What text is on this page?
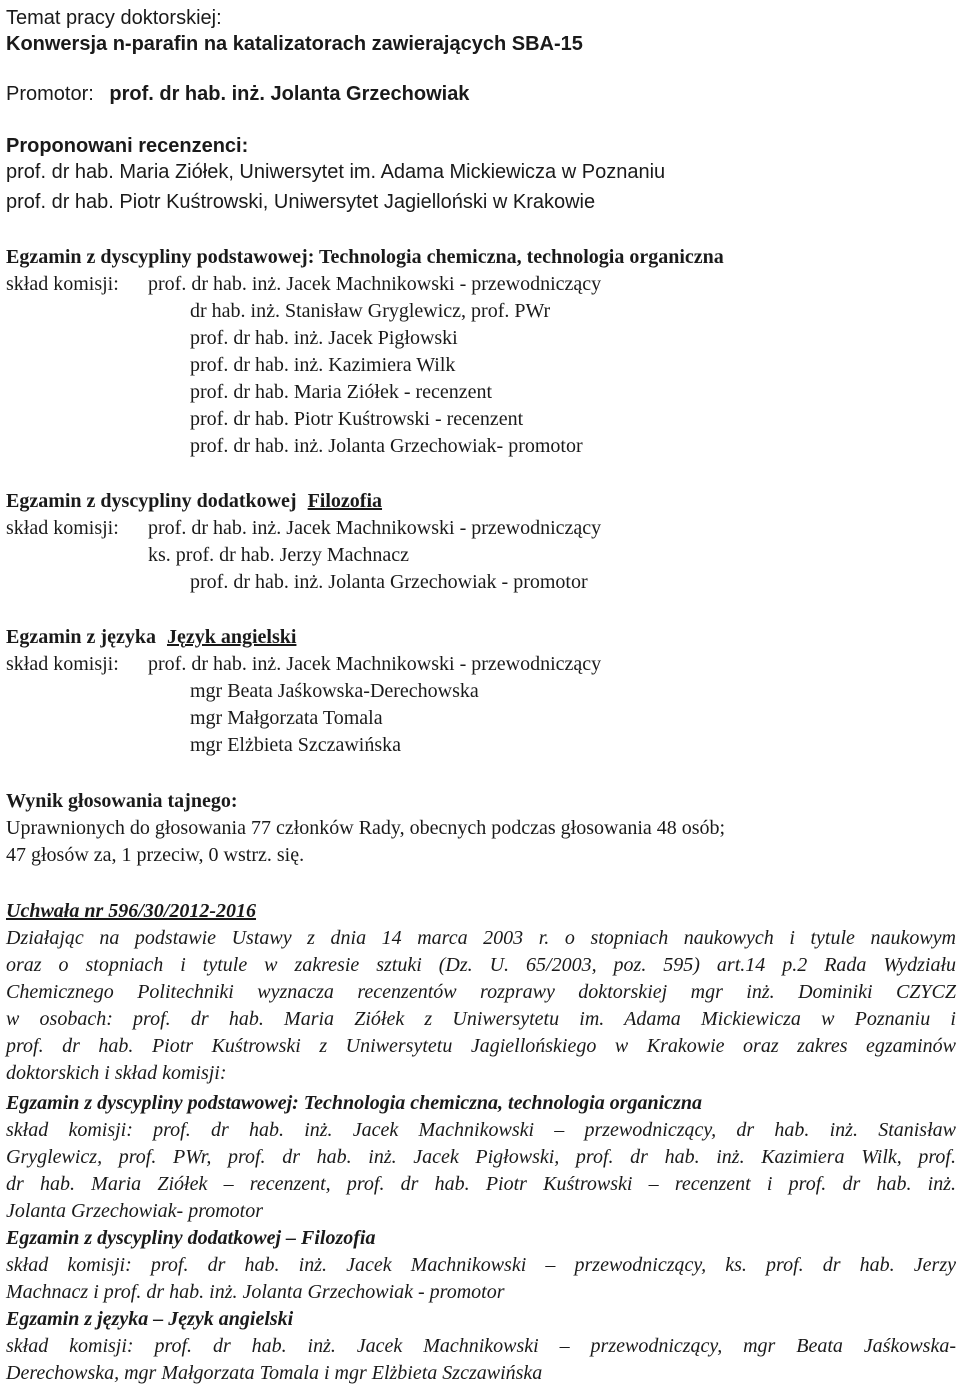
Temat pracy doktorskiej:
Konwersja n-parafin na katalizatorach zawierających SBA-15
Promotor: prof. dr hab. inż. Jolanta Grzechowiak
Proponowani recenzenci:
prof. dr hab. Maria Ziółek, Uniwersytet im. Adama Mickiewicza w Poznaniu
prof. dr hab. Piotr Kuśtrowski, Uniwersytet Jagielloński w Krakowie
Egzamin z dyscypliny podstawowej: Technologia chemiczna, technologia organiczna
skład komisji: prof. dr hab. inż. Jacek Machnikowski - przewodniczący
dr hab. inż. Stanisław Gryglewicz, prof. PWr
prof. dr hab. inż. Jacek Pigłowski
prof. dr hab. inż. Kazimiera Wilk
prof. dr hab. Maria Ziółek - recenzent
prof. dr hab. Piotr Kuśtrowski - recenzent
prof. dr hab. inż. Jolanta Grzechowiak- promotor
Egzamin z dyscypliny dodatkowej Filozofia
skład komisji: prof. dr hab. inż. Jacek Machnikowski - przewodniczący
ks. prof. dr hab. Jerzy Machnacz
prof. dr hab. inż. Jolanta Grzechowiak - promotor
Egzamin z języka Język angielski
skład komisji: prof. dr hab. inż. Jacek Machnikowski - przewodniczący
mgr Beata Jaśkowska-Derechowska
mgr Małgorzata Tomala
mgr Elżbieta Szczawińska
Wynik głosowania tajnego:
Uprawnionych do głosowania 77 członków Rady, obecnych podczas głosowania 48 osób;
47 głosów za, 1 przeciw, 0 wstrz. się.
Uchwała nr 596/30/2012-2016
Działając na podstawie Ustawy z dnia 14 marca 2003 r. o stopniach naukowych i tytule naukowym
oraz o stopniach i tytule w zakresie sztuki (Dz. U. 65/2003, poz. 595) art.14 p.2 Rada Wydziału
Chemicznego Politechniki wyznacza recenzentów rozprawy doktorskiej mgr inż. Dominiki CZYCZ
w osobach: prof. dr hab. Maria Ziółek z Uniwersytetu im. Adama Mickiewicza w Poznaniu i
prof. dr hab. Piotr Kuśtrowski z Uniwersytetu Jagiellońskiego w Krakowie oraz zakres egzaminów
doktorskich i skład komisji:
Egzamin z dyscypliny podstawowej: Technologia chemiczna, technologia organiczna
skład komisji: prof. dr hab. inż. Jacek Machnikowski – przewodniczący, dr hab. inż. Stanisław
Gryglewicz, prof. PWr, prof. dr hab. inż. Jacek Pigłowski, prof. dr hab. inż. Kazimiera Wilk, prof.
dr hab. Maria Ziółek – recenzent, prof. dr hab. Piotr Kuśtrowski – recenzent i prof. dr hab. inż.
Jolanta Grzechowiak- promotor
Egzamin z dyscypliny dodatkowej – Filozofia
skład komisji: prof. dr hab. inż. Jacek Machnikowski – przewodniczący, ks. prof. dr hab. Jerzy
Machnacz i prof. dr hab. inż. Jolanta Grzechowiak - promotor
Egzamin z języka – Język angielski
skład komisji: prof. dr hab. inż. Jacek Machnikowski – przewodniczący, mgr Beata Jaśkowska-
Derechowska, mgr Małgorzata Tomala i mgr Elżbieta Szczawińska
